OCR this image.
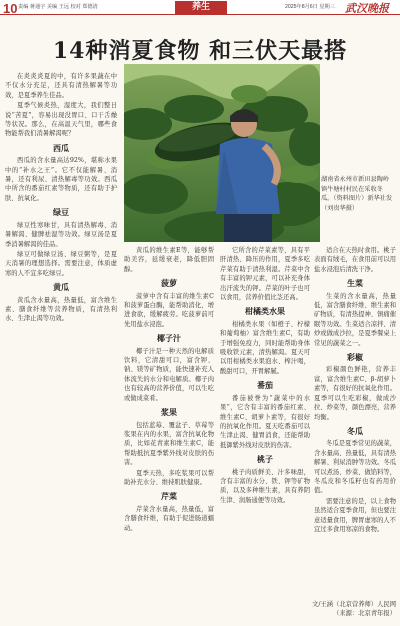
10 责编 蒋通宇 美编 王远 校对 郑德清	养生	2025年8月6日 星期三 武汉晚报
14种消夏食物 和三伏天最搭
湖南省永州市新田县陶岭镇牛塘村村民在采收冬瓜。（资料图片）新华社发（刘贵华摄）

在炎炎炎夏的中，有许多果蔬在中不仅水分充足，还具有清热解暑等功效，是夏季养生佳品。

夏季气候炎热，湿度大，我们整日说“苦夏”，容易出现没胃口、口干舌燥等状况。那么，在高温天气里，哪些食物能帮我们消暑解渴呢？

西瓜

西瓜的含水量高达92%，堪称水果中的“补水之王”。它不仅能解暑、消暑，还有利尿、清热解毒等功效。西瓜中所含的番茄红素等物质，还有助于护肤、抗氧化。

绿豆

绿豆性寒味甘，具有清热解毒、消暑解渴、健脾祛湿等功效。绿豆汤是夏季消暑解渴的佳品。

绿豆可做绿豆汤、绿豆粥等，是夏天消暑的理想选择。需要注意，体质虚寒的人不宜多吃绿豆。

黄瓜

黄瓜含水量高，热量低，富含维生素、膳食纤维等营养物质，有清热利水、生津止渴等功效。

黄瓜的维生素E等，能够帮助美容，延缓衰老，降低胆固醇。

菠萝

菠萝中含有丰富的维生素C和菠萝蛋白酶，能帮助消化，增进食欲，缓解疲劳。吃菠萝前可先用盐水浸泡。

椰子汁

椰子汁是一种天然的电解质饮料，它清甜可口，富含钾、钠、镁等矿物质，能快速补充人体流失的水分和电解质。椰子肉也有较高的营养价值，可以生吃或做成菜肴。

浆果

包括蓝莓、覆盆子、草莓等浆果在内的水果，富含抗氧化物质，比如花青素和维生素C，能帮助抵抗夏季紫外线对皮肤的伤害。

夏季天热，多吃浆果可以帮助补充水分、维持肌肤健康。

芹菜

芹菜含水量高，热量低，富含膳食纤维，有助于促进肠道蠕动。

它所含的芹菜素等，具有平肝清热、降压的作用，夏季多吃芹菜有助于清热利湿。芹菜中含有丰富的钾元素，可以补充身体出汗流失的钾。芹菜的叶子也可以食用，营养价值比茎还高。

柑橘类水果

柑橘类水果（如橙子、柠檬和葡萄柚）富含维生素C，有助于增强免疫力，同时能帮助身体吸收铁元素，清热解渴。夏天可以用柑橘类水果泡水、榨汁喝，酸甜可口，开胃解腻。

番茄

番茄被誉为“蔬菜中的水果”，它含有丰富的番茄红素、维生素C、胡萝卜素等，有很好的抗氧化作用。夏天吃番茄可以生津止渴、健胃消食，还能帮助抵御紫外线对皮肤的伤害。

桃子

桃子肉质鲜美、汁多味甜，含有丰富的水分、铁、钾等矿物质，以及多种维生素，具有养阴生津、润肠通便等功效。

适合在天热时食用。桃子表面有绒毛，在食用前可以用盐水浸泡后清洗干净。

生菜

生菜的含水量高，热量低，富含膳食纤维、维生素和矿物质，有清热提神、镇痛催眠等功效。生菜适合凉拌、清炒或做成沙拉，是夏季餐桌上常见的蔬菜之一。

彩椒

彩椒颜色鲜艳，营养丰富，富含维生素C、β-胡萝卜素等，有很好的抗氧化作用。夏季可以生吃彩椒，做成沙拉、炒菜等，颜色漂亮，营养均衡。

冬瓜

冬瓜是夏季常见的蔬菜，含水量高、热量低，具有清热解暑、利尿消肿等功效。冬瓜可以煮汤、炒菜、做馅料等，冬瓜皮和冬瓜籽也有药用价值。

需要注意的是，以上食物虽然适合夏季食用，但也要注意适量食用，脾胃虚寒的人不宜过多食用寒凉的食物。

文/王涵（北京营养师）人民网（来源：北京青年报）
